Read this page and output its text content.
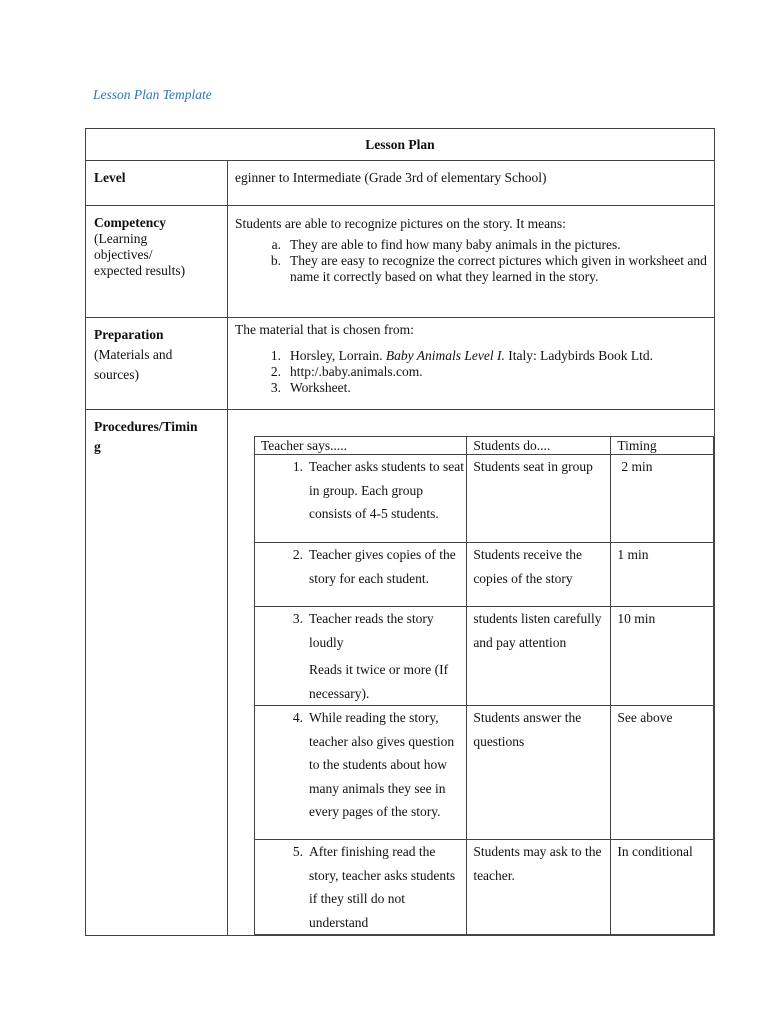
Lesson Plan Template
Lesson Plan
Level	eginner to Intermediate (Grade 3rd of elementary School)

Competency
(Learning
objectives/
expected results)

Students are able to recognize pictures on the story. It means:
a. They are able to find how many baby animals in the pictures.
b. They are easy to recognize the correct pictures which given in worksheet and name it correctly based on what they learned in the story.

Preparation
(Materials and
sources)

The material that is chosen from:
1. Horsley, Lorrain. Baby Animals Level I. Italy: Ladybirds Book Ltd.
2. http:/.baby.animals.com.
3. Worksheet.

Procedures/Timin
g
		Teacher says.....	Students do....	Timing

1. Teacher asks students to seat in group. Each group consists of 4-5 students.
	Students seat in group	2 min

2. Teacher gives copies of the story for each student.
	Students receive the copies of the story	1 min

3. Teacher reads the story loudly
Reads it twice or more (If necessary).
	students listen carefully and pay attention	10 min

4. While reading the story, teacher also gives question to the students about how many animals they see in every pages of the story.
	Students answer the questions	See above

5. After finishing read the story, teacher asks students if they still do not understand
	Students may ask to the teacher.	In conditional
